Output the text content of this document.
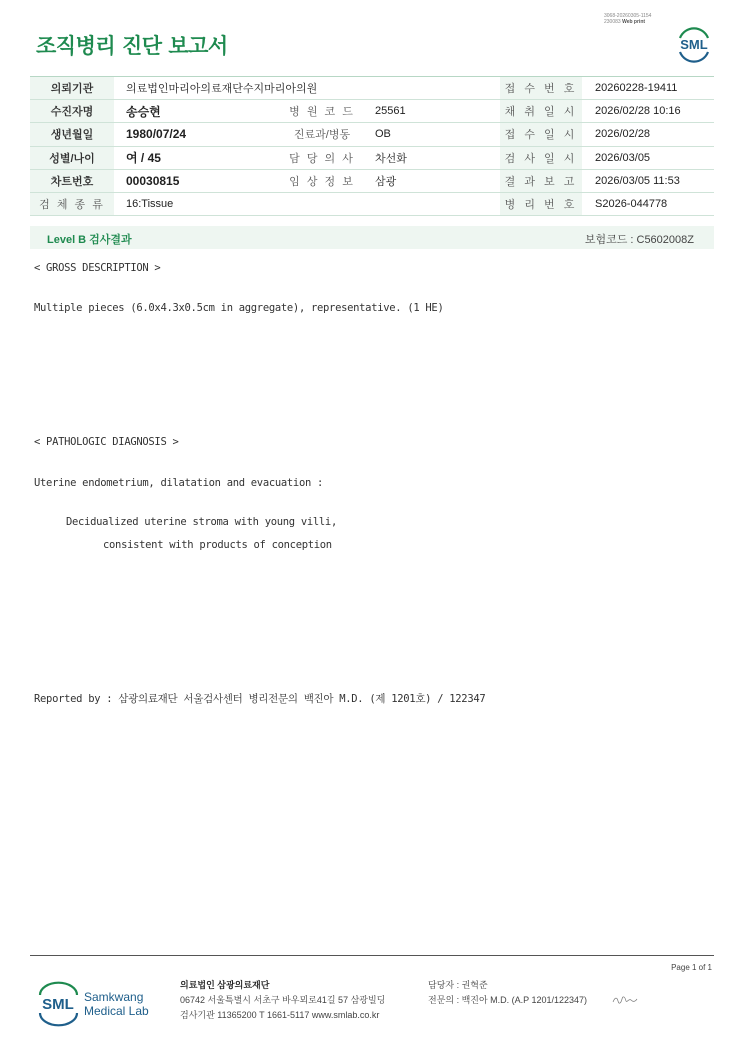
3068-20260305-1154
230083 Web print
조직병리 진단 보고서	SML
의뢰기관	의료법인마리아의료재단수지마리아의원			접 수 번 호	20260228-19411
수진자명	송승현	병 원 코 드	25561	채 취 일 시	2026/02/28 10:16
생년월일	1980/07/24	진료과/병동	OB	접 수 일 시	2026/02/28
성별/나이	여 / 45	담 당 의 사	차선화	검 사 일 시	2026/03/05
차트번호	00030815	임 상 정 보	삼광	결 과 보 고	2026/03/05 11:53
검 체 종 류	16:Tissue			병 리 번 호	S2026-044778
Level B 검사결과	보험코드 : C5602008Z
< GROSS DESCRIPTION >
Multiple pieces (6.0x4.3x0.5cm in aggregate), representative. (1 HE)
< PATHOLOGIC DIAGNOSIS >
Uterine endometrium, dilatation and evacuation :
Decidualized uterine stroma with young villi,
consistent with products of conception
Reported by : 삼광의료재단 서울검사센터 병리전문의 백진아 M.D. (제 1201호) / 122347
Page 1 of 1
SML Samkwang
Medical Lab
의료법인 삼광의료재단
06742 서울특별시 서초구 바우뫼로41길 57 삼광빌딩
검사기관 11365200 T 1661-5117 www.smlab.co.kr
담당자 : 권혁준
전문의 : 백진아 M.D. (A.P 1201/122347)
